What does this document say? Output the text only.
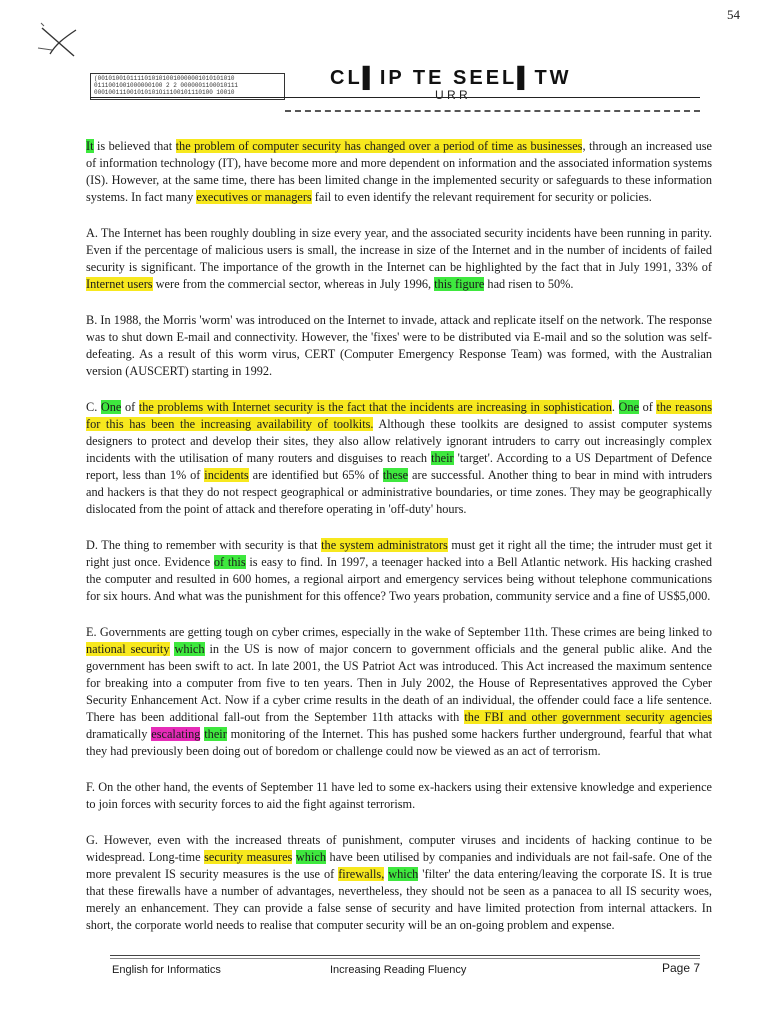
54
(00101001011110101010010000001010101010
0111001001000000100 2 2 0000001100010111
000100111001010101Oi1100101110100 10010
CL▌IP TE SEEL▌TW
U R R

It is believed that the problem of computer security has changed over a period of time as businesses, through an increased use of information technology (IT), have become more and more dependent on information and the associated information systems (IS). However, at the same time, there has been limited change in the implemented security or safeguards to these information systems. In fact many executives or managers fail to even identify the relevant requirement for security or policies.

A. The Internet has been roughly doubling in size every year, and the associated security incidents have been running in parity. Even if the percentage of malicious users is small, the increase in size of the Internet and in the number of incidents of failed security is significant. The importance of the growth in the Internet can be highlighted by the fact that in July 1991, 33% of Internet users were from the commercial sector, whereas in July 1996, this figure had risen to 50%.

B. In 1988, the Morris 'worm' was introduced on the Internet to invade, attack and replicate itself on the network. The response was to shut down E-mail and connectivity. However, the 'fixes' were to be distributed via E-mail and so the solution was self-defeating. As a result of this worm virus, CERT (Computer Emergency Response Team) was formed, with the Australian version (AUSCERT) starting in 1992.

C. One of the problems with Internet security is the fact that the incidents are increasing in sophistication. One of the reasons for this has been the increasing availability of toolkits. Although these toolkits are designed to assist computer systems designers to protect and develop their sites, they also allow relatively ignorant intruders to carry out increasingly complex incidents with the utilisation of many routers and disguises to reach their 'target'. According to a US Department of Defence report, less than 1% of incidents are identified but 65% of these are successful. Another thing to bear in mind with intruders and hackers is that they do not respect geographical or administrative boundaries, or time zones. They may be geographically dislocated from the point of attack and therefore operating in 'off-duty' hours.

D. The thing to remember with security is that the system administrators must get it right all the time; the intruder must get it right just once. Evidence of this is easy to find. In 1997, a teenager hacked into a Bell Atlantic network. His hacking crashed the computer and resulted in 600 homes, a regional airport and emergency services being without telephone communications for six hours. And what was the punishment for this offence? Two years probation, community service and a fine of US$5,000.

E. Governments are getting tough on cyber crimes, especially in the wake of September 11th. These crimes are being linked to national security which in the US is now of major concern to government officials and the general public alike. And the government has been swift to act. In late 2001, the US Patriot Act was introduced. This Act increased the maximum sentence for breaking into a computer from five to ten years. Then in July 2002, the House of Representatives approved the Cyber Security Enhancement Act. Now if a cyber crime results in the death of an individual, the offender could face a life sentence. There has been additional fall-out from the September 11th attacks with the FBI and other government security agencies dramatically escalating their monitoring of the Internet. This has pushed some hackers further underground, fearful that what they had previously been doing out of boredom or challenge could now be viewed as an act of terrorism.

F. On the other hand, the events of September 11 have led to some ex-hackers using their extensive knowledge and experience to join forces with security forces to aid the fight against terrorism.

G. However, even with the increased threats of punishment, computer viruses and incidents of hacking continue to be widespread. Long-time security measures which have been utilised by companies and individuals are not fail-safe. One of the more prevalent IS security measures is the use of firewalls, which 'filter' the data entering/leaving the corporate IS. It is true that these firewalls have a number of advantages, nevertheless, they should not be seen as a panacea to all IS security woes, merely an enhancement. They can provide a false sense of security and have limited protection from internal attackers. In short, the corporate world needs to realise that computer security will be an on-going problem and expense.

English for Informatics	Increasing Reading Fluency	Page 7
